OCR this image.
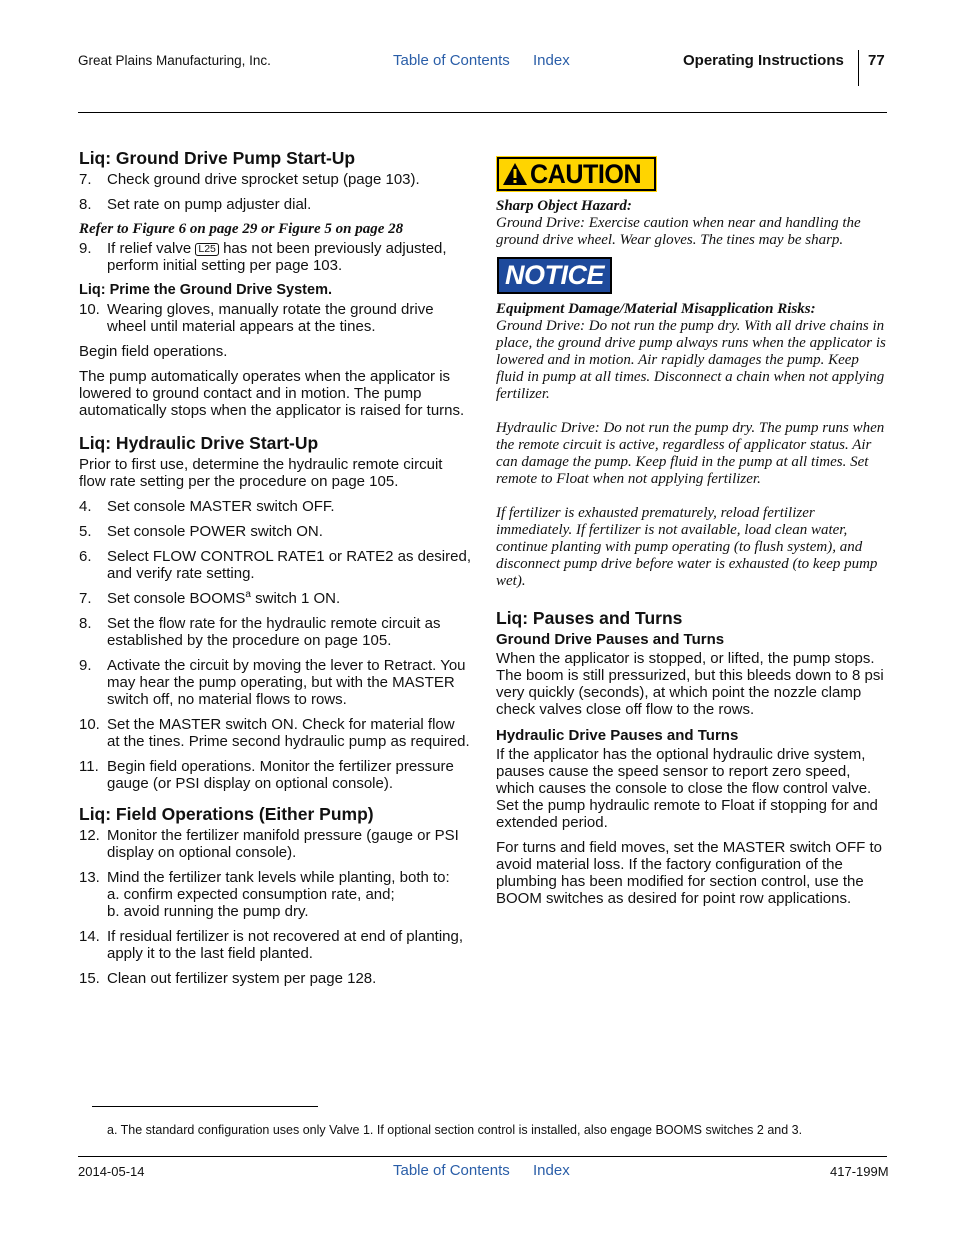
Great Plains Manufacturing, Inc.	Table of Contents Index	Operating Instructions 77
Liq: Ground Drive Pump Start-Up
7.	Check ground drive sprocket setup (page 103).
8.	Set rate on pump adjuster dial.
Refer to Figure 6 on page 29 or Figure 5 on page 28
9.	If relief valve L25 has not been previously adjusted, perform initial setting per page 103.
Liq: Prime the Ground Drive System.
10. Wearing gloves, manually rotate the ground drive wheel until material appears at the tines.

Begin field operations.

The pump automatically operates when the applicator is lowered to ground contact and in motion. The pump automatically stops when the applicator is raised for turns.

Liq: Hydraulic Drive Start-Up

Prior to first use, determine the hydraulic remote circuit flow rate setting per the procedure on page 105.

4.	Set console MASTER switch OFF.
5.	Set console POWER switch ON.
6.	Select FLOW CONTROL RATE1 or RATE2 as desired, and verify rate setting.
7.	Set console BOOMS$^a$ switch 1 ON.
8.	Set the flow rate for the hydraulic remote circuit as established by the procedure on page 105.
9.	Activate the circuit by moving the lever to Retract. You may hear the pump operating, but with the MASTER switch off, no material flows to rows.
10. Set the MASTER switch ON. Check for material flow at the tines. Prime second hydraulic pump as required.
11. Begin field operations. Monitor the fertilizer pressure gauge (or PSI display on optional console).
Liq: Field Operations (Either Pump)
12. Monitor the fertilizer manifold pressure (gauge or PSI display on optional console).
13. Mind the fertilizer tank levels while planting, both to:
a. confirm expected consumption rate, and;
b. avoid running the pump dry.
14. If residual fertilizer is not recovered at end of planting, apply it to the last field planted.
15. Clean out fertilizer system per page 128.
CAUTION
Sharp Object Hazard:
Ground Drive: Exercise caution when near and handling the ground drive wheel. Wear gloves. The tines may be sharp.
NOTICE
Equipment Damage/Material Misapplication Risks:
Ground Drive: Do not run the pump dry. With all drive chains in place, the ground drive pump always runs when the applicator is lowered and in motion. Air rapidly damages the pump. Keep fluid in pump at all times. Disconnect a chain when not applying fertilizer.
Hydraulic Drive: Do not run the pump dry. The pump runs when the remote circuit is active, regardless of applicator status. Air can damage the pump. Keep fluid in the pump at all times. Set remote to Float when not applying fertilizer.
If fertilizer is exhausted prematurely, reload fertilizer immediately. If fertilizer is not available, load clean water, continue planting with pump operating (to flush system), and disconnect pump drive before water is exhausted (to keep pump wet).
Liq: Pauses and Turns
Ground Drive Pauses and Turns

When the applicator is stopped, or lifted, the pump stops. The boom is still pressurized, but this bleeds down to 8 psi very quickly (seconds), at which point the nozzle clamp check valves close off flow to the rows.

Hydraulic Drive Pauses and Turns

If the applicator has the optional hydraulic drive system, pauses cause the speed sensor to report zero speed, which causes the console to close the flow control valve. Set the pump hydraulic remote to Float if stopping for and extended period.

For turns and field moves, set the MASTER switch OFF to avoid material loss. If the factory configuration of the plumbing has been modified for section control, use the BOOM switches as desired for point row applications.

a. The standard configuration uses only Valve 1. If optional section control is installed, also engage BOOMS switches 2 and 3.
2014-05-14	Table of Contents Index	417-199M
